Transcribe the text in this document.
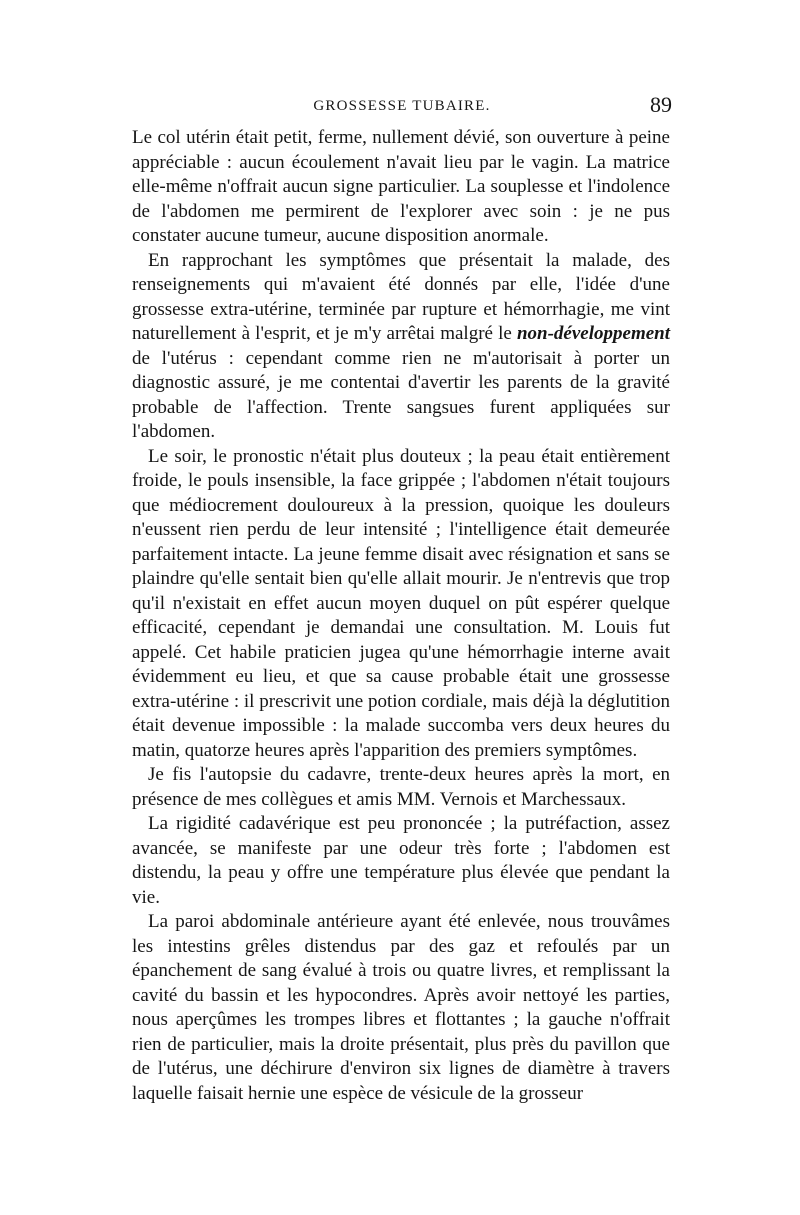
GROSSESSE TUBAIRE.	89

Le col utérin était petit, ferme, nullement dévié, son ouverture à peine appréciable : aucun écoulement n'avait lieu par le vagin. La matrice elle-même n'offrait aucun signe particulier. La souplesse et l'indolence de l'abdomen me permirent de l'explorer avec soin : je ne pus constater aucune tumeur, aucune disposition anormale.

En rapprochant les symptômes que présentait la malade, des renseignements qui m'avaient été donnés par elle, l'idée d'une grossesse extra-utérine, terminée par rupture et hémorrhagie, me vint naturellement à l'esprit, et je m'y arrêtai malgré le non-développement de l'utérus : cependant comme rien ne m'autorisait à porter un diagnostic assuré, je me contentai d'avertir les parents de la gravité probable de l'affection. Trente sangsues furent appliquées sur l'abdomen.

Le soir, le pronostic n'était plus douteux ; la peau était entièrement froide, le pouls insensible, la face grippée ; l'abdomen n'était toujours que médiocrement douloureux à la pression, quoique les douleurs n'eussent rien perdu de leur intensité ; l'intelligence était demeurée parfaitement intacte. La jeune femme disait avec résignation et sans se plaindre qu'elle sentait bien qu'elle allait mourir. Je n'entrevis que trop qu'il n'existait en effet aucun moyen duquel on pût espérer quelque efficacité, cependant je demandai une consultation. M. Louis fut appelé. Cet habile praticien jugea qu'une hémorrhagie interne avait évidemment eu lieu, et que sa cause probable était une grossesse extra-utérine : il prescrivit une potion cordiale, mais déjà la déglutition était devenue impossible : la malade succomba vers deux heures du matin, quatorze heures après l'apparition des premiers symptômes.

Je fis l'autopsie du cadavre, trente-deux heures après la mort, en présence de mes collègues et amis MM. Vernois et Marchessaux.

La rigidité cadavérique est peu prononcée ; la putréfaction, assez avancée, se manifeste par une odeur très forte ; l'abdomen est distendu, la peau y offre une température plus élevée que pendant la vie.

La paroi abdominale antérieure ayant été enlevée, nous trouvâmes les intestins grêles distendus par des gaz et refoulés par un épanchement de sang évalué à trois ou quatre livres, et remplissant la cavité du bassin et les hypocondres. Après avoir nettoyé les parties, nous aperçûmes les trompes libres et flottantes ; la gauche n'offrait rien de particulier, mais la droite présentait, plus près du pavillon que de l'utérus, une déchirure d'environ six lignes de diamètre à travers laquelle faisait hernie une espèce de vésicule de la grosseur
